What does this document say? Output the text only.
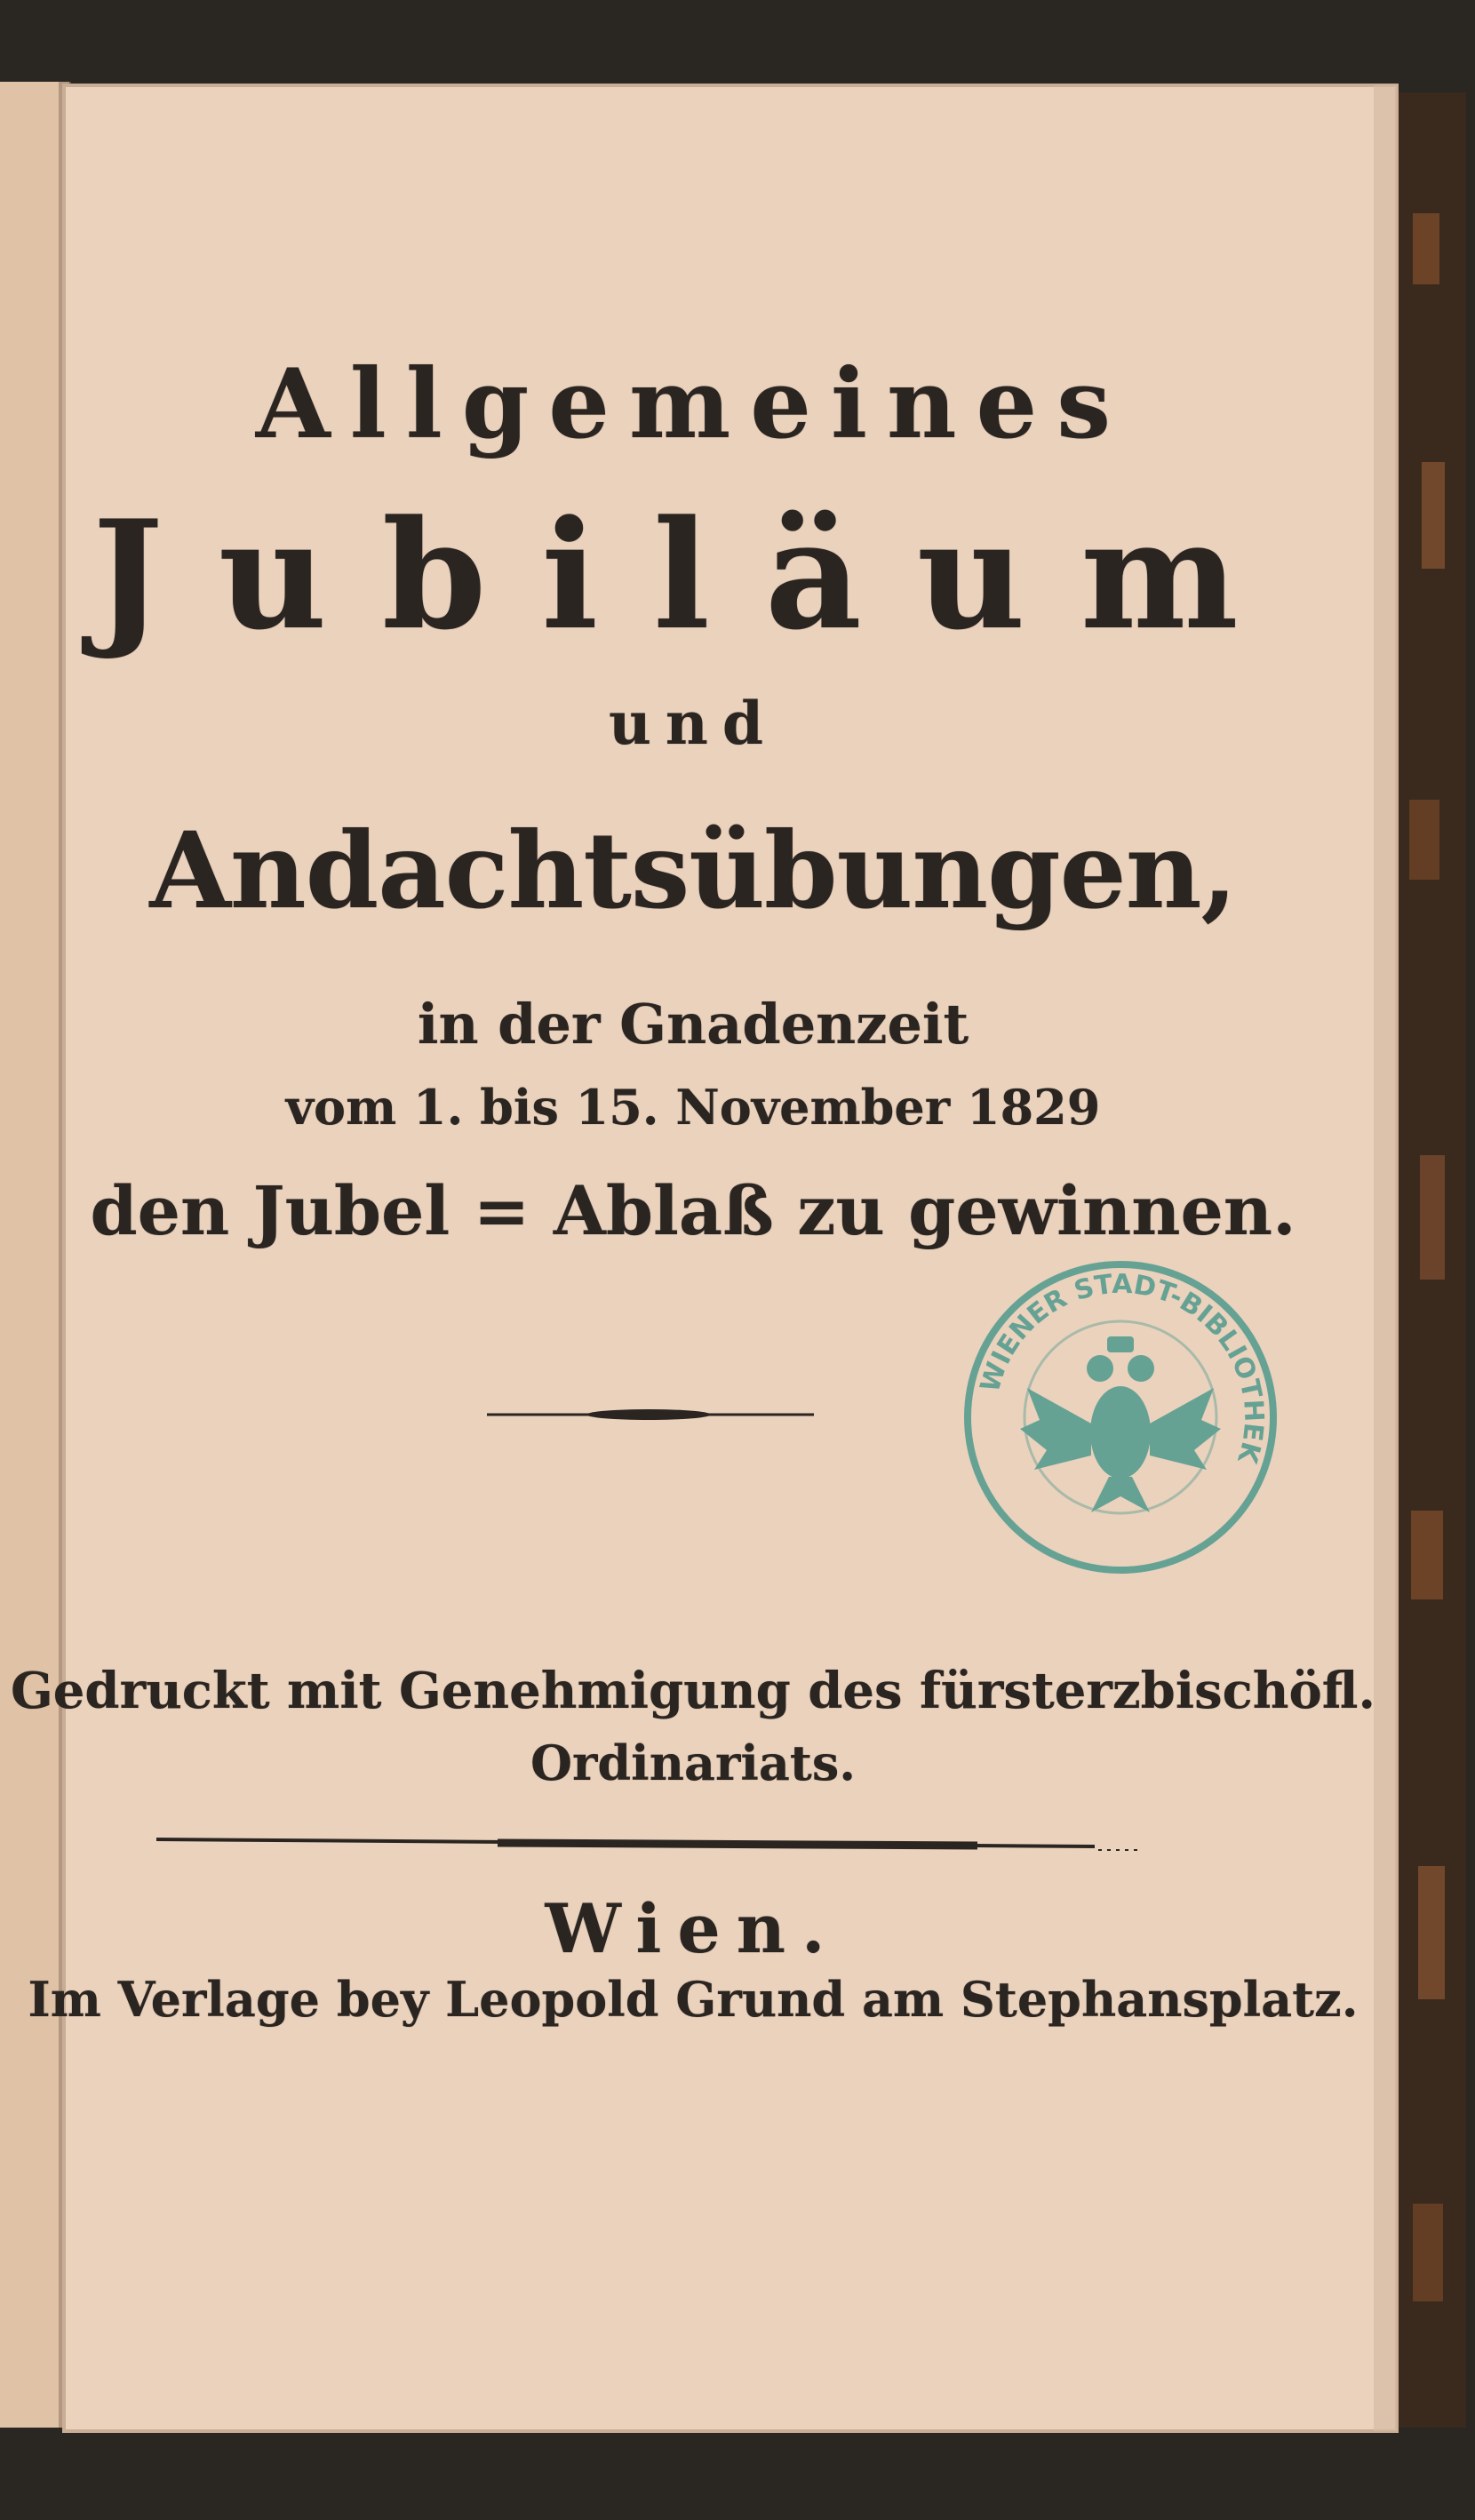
Allgemeines
Jubiläum
und
Andachtsübungen,
in der Gnadenzeit
vom 1. bis 15. November 1829
den Jubel = Ablaß zu gewinnen.
WIENER STADT-BIBLIOTHEK
Gedruckt mit Genehmigung des fürsterzbischöfl.
Ordinariats.
Wien.
Im Verlage bey Leopold Grund am Stephansplatz.
